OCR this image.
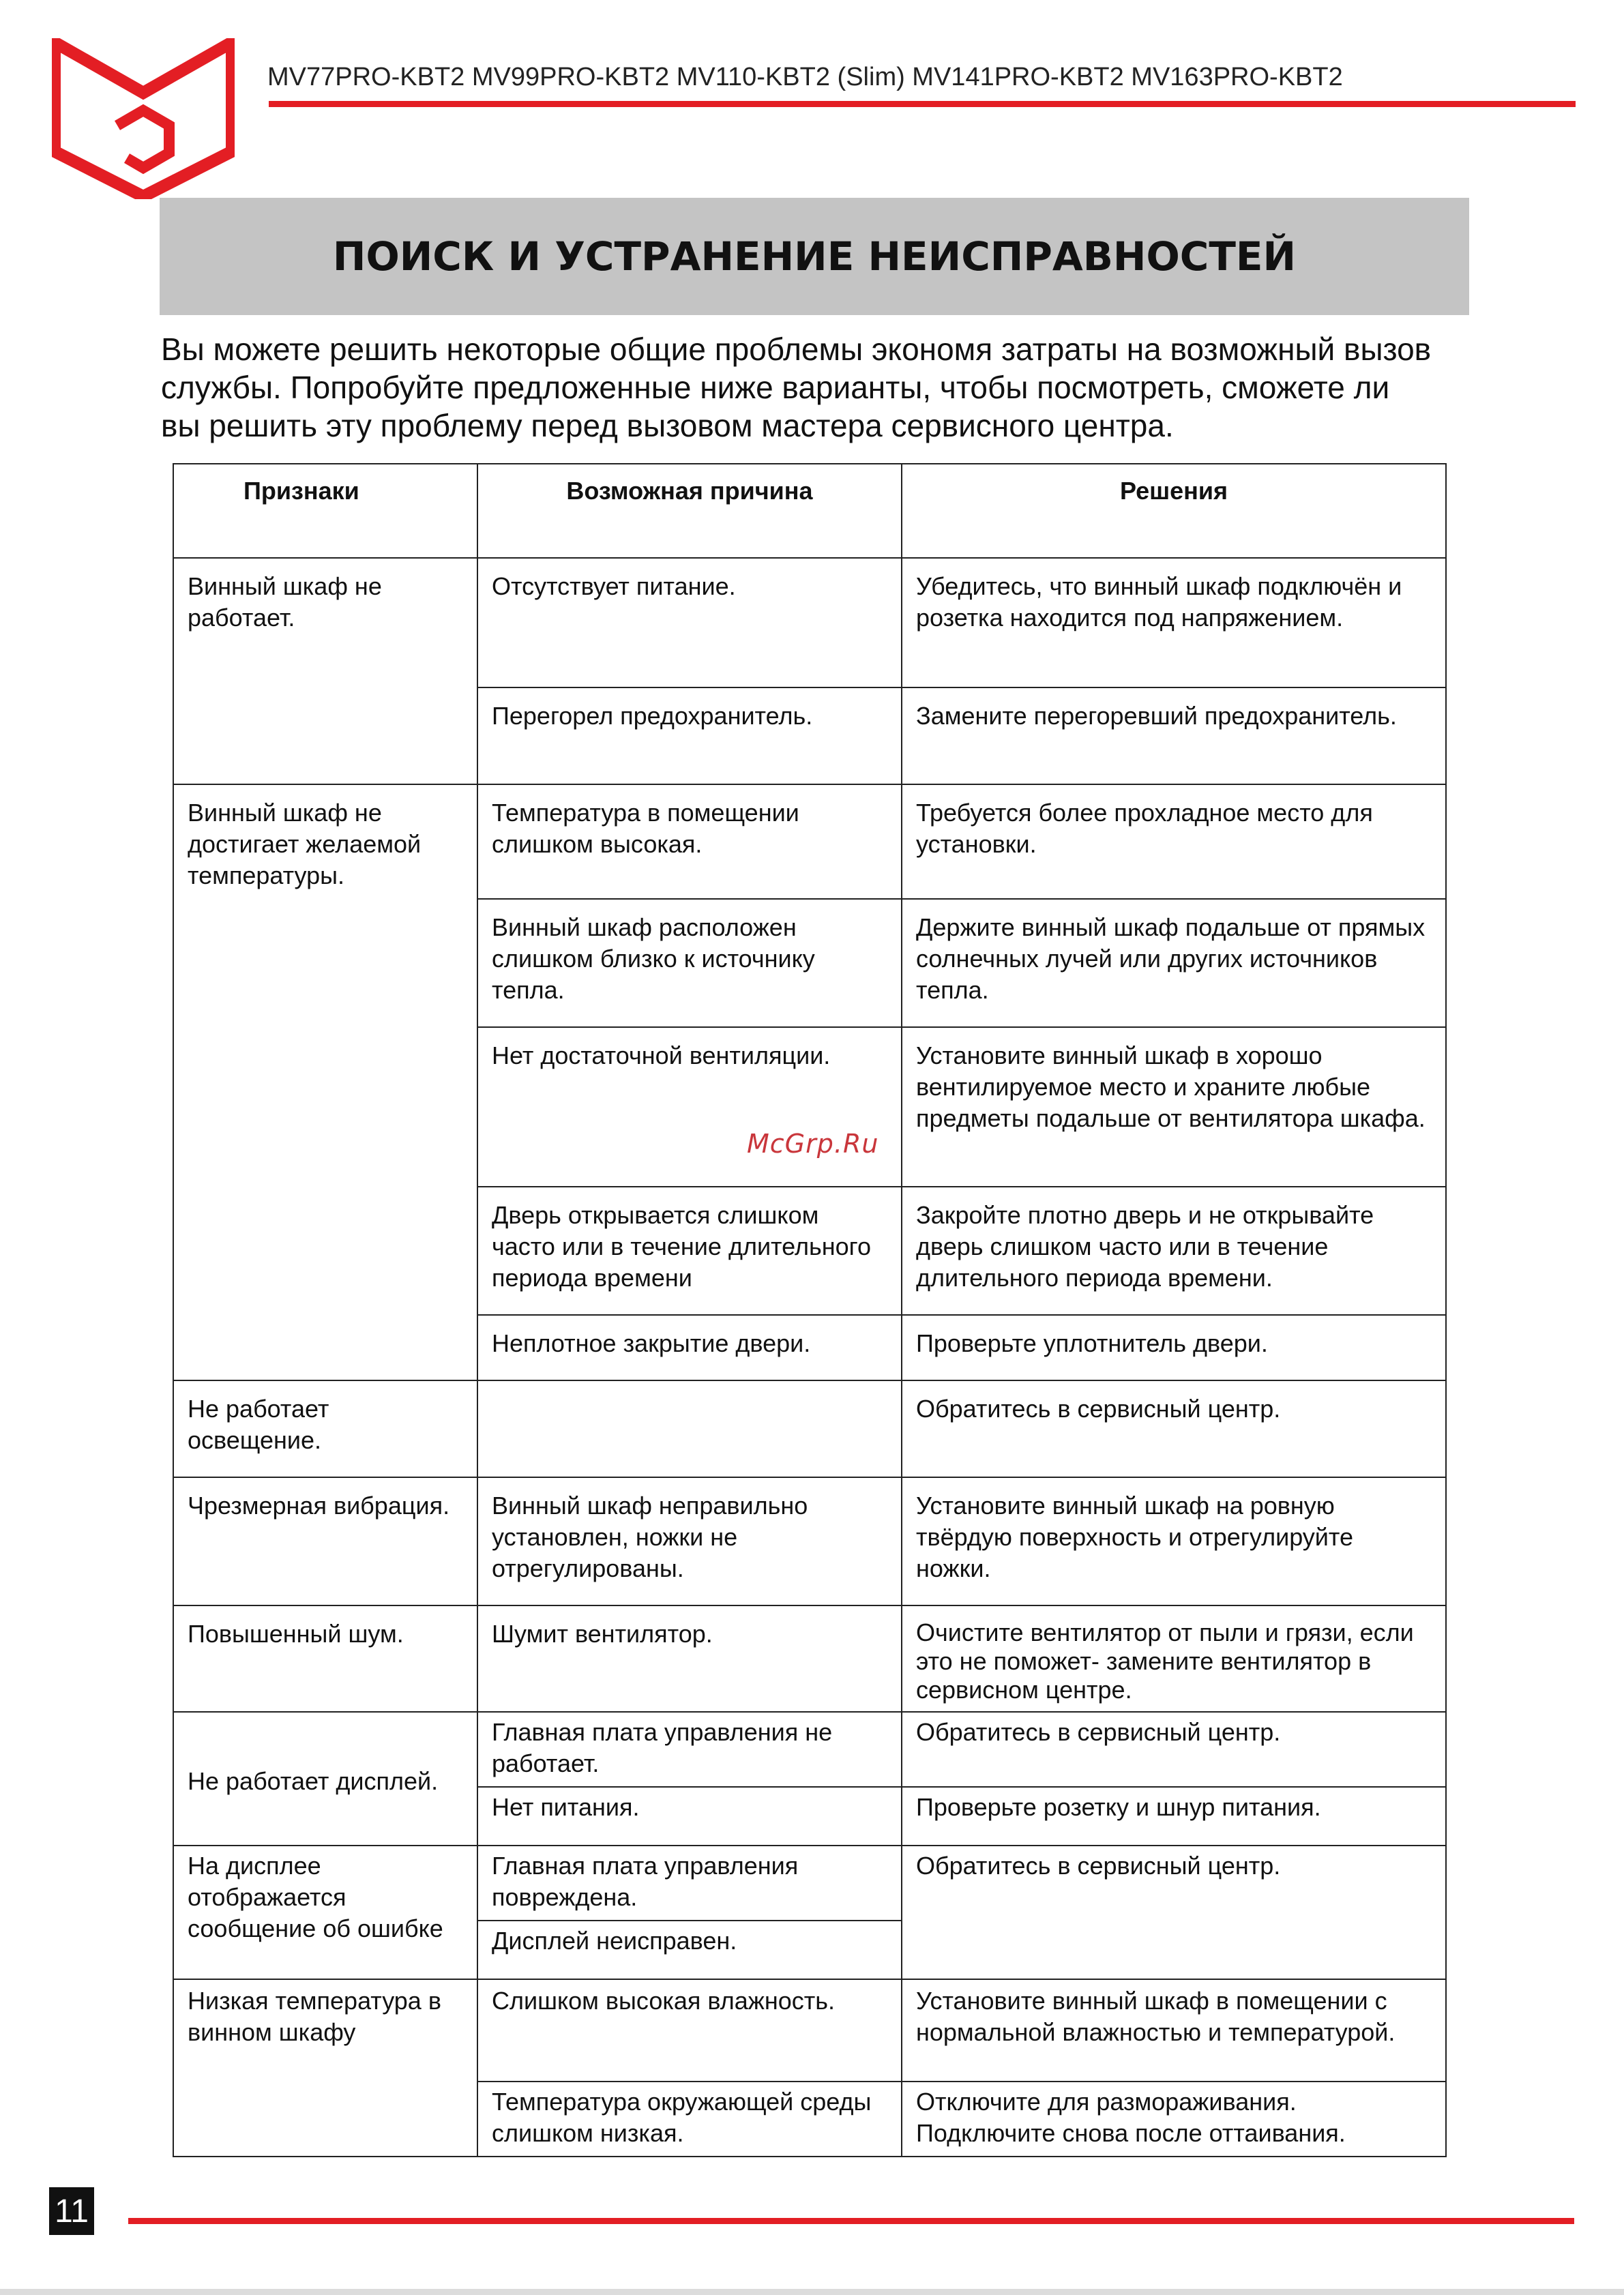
MV77PRO-KBT2 MV99PRO-KBT2 MV110-KBT2 (Slim) MV141PRO-KBT2 MV163PRO-KBT2
ПОИСК И УСТРАНЕНИЕ НЕИСПРАВНОСТЕЙ
Вы можете решить некоторые общие проблемы экономя затраты на возможный вызов
службы. Попробуйте предложенные ниже варианты, чтобы посмотреть, сможете ли
вы решить эту проблему перед вызовом мастера сервисного центра.
Признаки	Возможная причина	Решения
Винный шкаф не работает.	Отсутствует питание.	Убедитесь, что винный шкаф подключён и розетка находится под напряжением.
	Перегорел предохранитель.	Замените перегоревший предохранитель.
Винный шкаф не достигает желаемой температуры.	Температура в помещении слишком высокая.	Требуется более прохладное место для установки.
	Винный шкаф расположен слишком близко к источнику тепла.	Держите винный шкаф подальше от прямых солнечных лучей или других источников тепла.
	Нет достаточной вентиляции.	Установите винный шкаф в хорошо вентилируемое место и храните любые предметы подальше от вентилятора шкафа.
	Дверь открывается слишком часто или в течение длительного периода времени	Закройте плотно дверь и не открывайте дверь слишком часто или в течение длительного периода времени.
	Неплотное закрытие двери.	Проверьте уплотнитель двери.
Не работает освещение.		Обратитесь в сервисный центр.
Чрезмерная вибрация.	Винный шкаф неправильно установлен, ножки не отрегулированы.	Установите винный шкаф на ровную твёрдую поверхность и отрегулируйте ножки.
Повышенный шум.	Шумит вентилятор.	Очистите вентилятор от пыли и грязи, если это не поможет- замените вентилятор в сервисном центре.
Не работает дисплей.	Главная плата управления не работает.	Обратитесь в сервисный центр.
	Нет питания.	Проверьте розетку и шнур питания.
На дисплее отображается сообщение об ошибке	Главная плата управления повреждена.	Обратитесь в сервисный центр.
	Дисплей неисправен.	
Низкая температура в винном шкафу	Слишком высокая влажность.	Установите винный шкаф в помещении с нормальной влажностью и температурой.
	Температура окружающей среды слишком низкая.	Отключите для размораживания. Подключите снова после оттаивания.
McGrp.Ru
11
